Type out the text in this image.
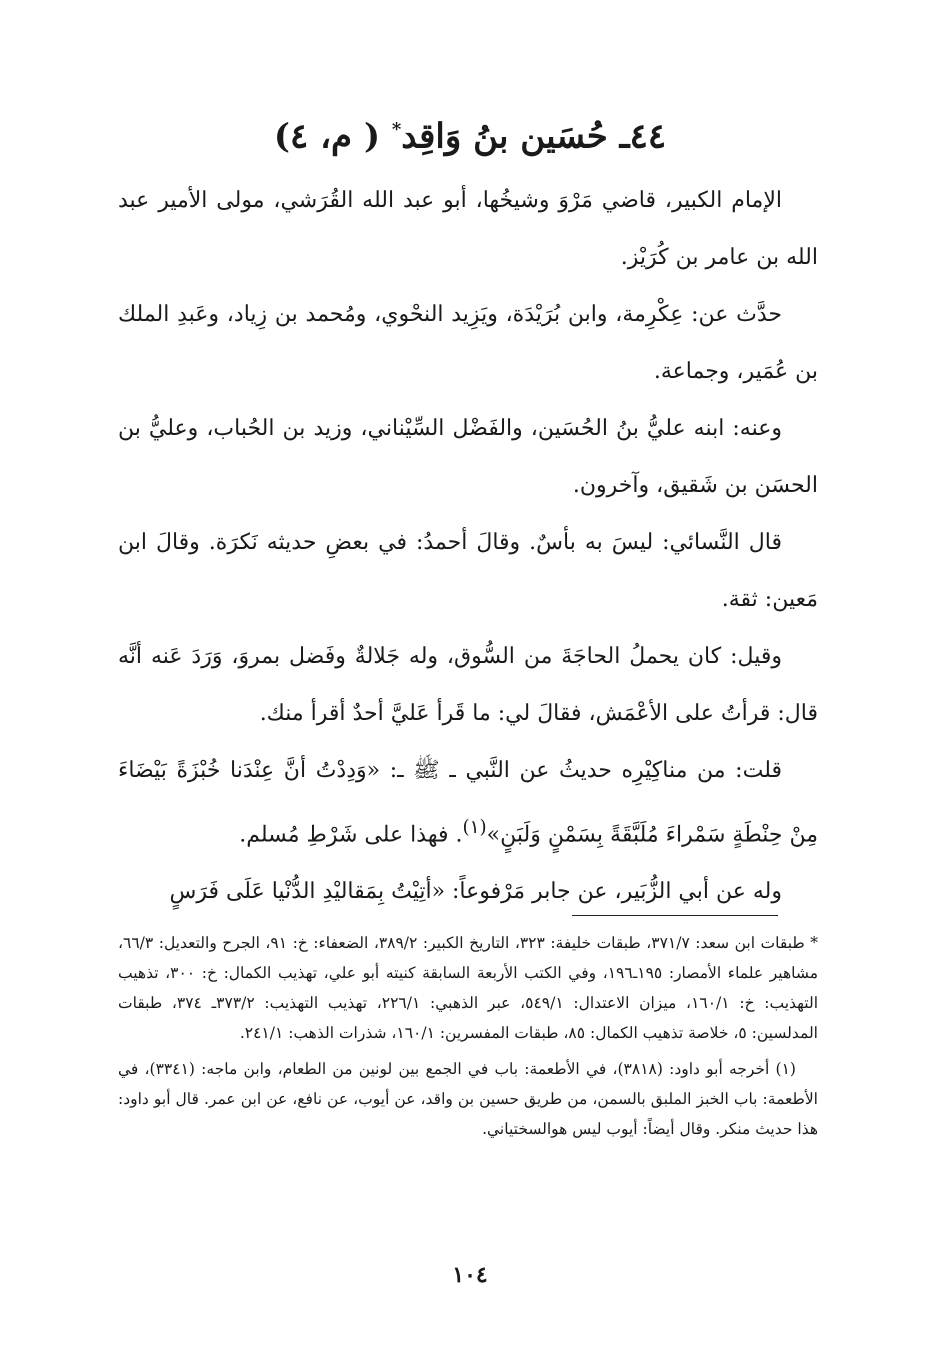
٤٤ـ حُسَين بنُ وَاقِد* ( م، ٤)

الإمام الكبير، قاضي مَرْوَ وشيخُها، أبو عبد الله القُرَشي، مولى الأمير عبد الله بن عامر بن كُرَيْز.

حدَّث عن: عِكْرِمة، وابن بُرَيْدَة، ويَزِيد النحْوي، ومُحمد بن زِياد، وعَبدِ الملك بن عُمَير، وجماعة.

وعنه: ابنه عليُّ بنُ الحُسَين، والفَضْل السِّيْناني، وزيد بن الحُباب، وعليُّ بن الحسَن بن شَقيق، وآخرون.

قال النَّسائي: ليسَ به بأسٌ. وقالَ أحمدُ: في بعضِ حديثه نَكرَة. وقالَ ابن مَعين: ثقة.

وقيل: كان يحملُ الحاجَةَ من السُّوق، وله جَلالةٌ وفَضل بمروَ، وَرَدَ عَنه أنَّه قال: قرأتُ على الأعْمَش، فقالَ لي: ما قَرأ عَليَّ أحدٌ أقرأ منك.

قلت: من مناكِيْرِه حديثُ عن النَّبي ـ ﷺ ـ: «وَدِدْتُ أنَّ عِنْدَنا خُبْزَةً بَيْضَاءَ مِنْ حِنْطَةٍ سَمْراءَ مُلَبَّقَةً بِسَمْنٍ وَلَبَنٍ»$^{(١)}$. فهذا على شَرْطِ مُسلم.

وله عن أبي الزُّبَير، عن جابر مَرْفوعاً: «أتِيْتُ بِمَقاليْدِ الدُّنْيا عَلَى فَرَسٍ

* طبقات ابن سعد: ٣٧١/٧، طبقات خليفة: ٣٢٣، التاريخ الكبير: ٣٨٩/٢، الضعفاء: خ: ٩١، الجرح والتعديل: ٦٦/٣، مشاهير علماء الأمصار: ١٩٥ـ١٩٦، وفي الكتب الأربعة السابقة كنيته أبو علي، تهذيب الكمال: خ: ٣٠٠، تذهيب التهذيب: خ: ١٦٠/١، ميزان الاعتدال: ٥٤٩/١، عبر الذهبي: ٢٢٦/١، تهذيب التهذيب: ٣٧٣/٢ـ ٣٧٤، طبقات المدلسين: ٥، خلاصة تذهيب الكمال: ٨٥، طبقات المفسرين: ١٦٠/١، شذرات الذهب: ٢٤١/١.

(١) أخرجه أبو داود: (٣٨١٨)، في الأطعمة: باب في الجمع بين لونين من الطعام، وابن ماجه: (٣٣٤١)، في الأطعمة: باب الخبز الملبق بالسمن، من طريق حسين بن واقد، عن أيوب، عن نافع، عن ابن عمر. قال أبو داود: هذا حديث منكر. وقال أيضاً: أيوب ليس هوالسختياني.

١٠٤
